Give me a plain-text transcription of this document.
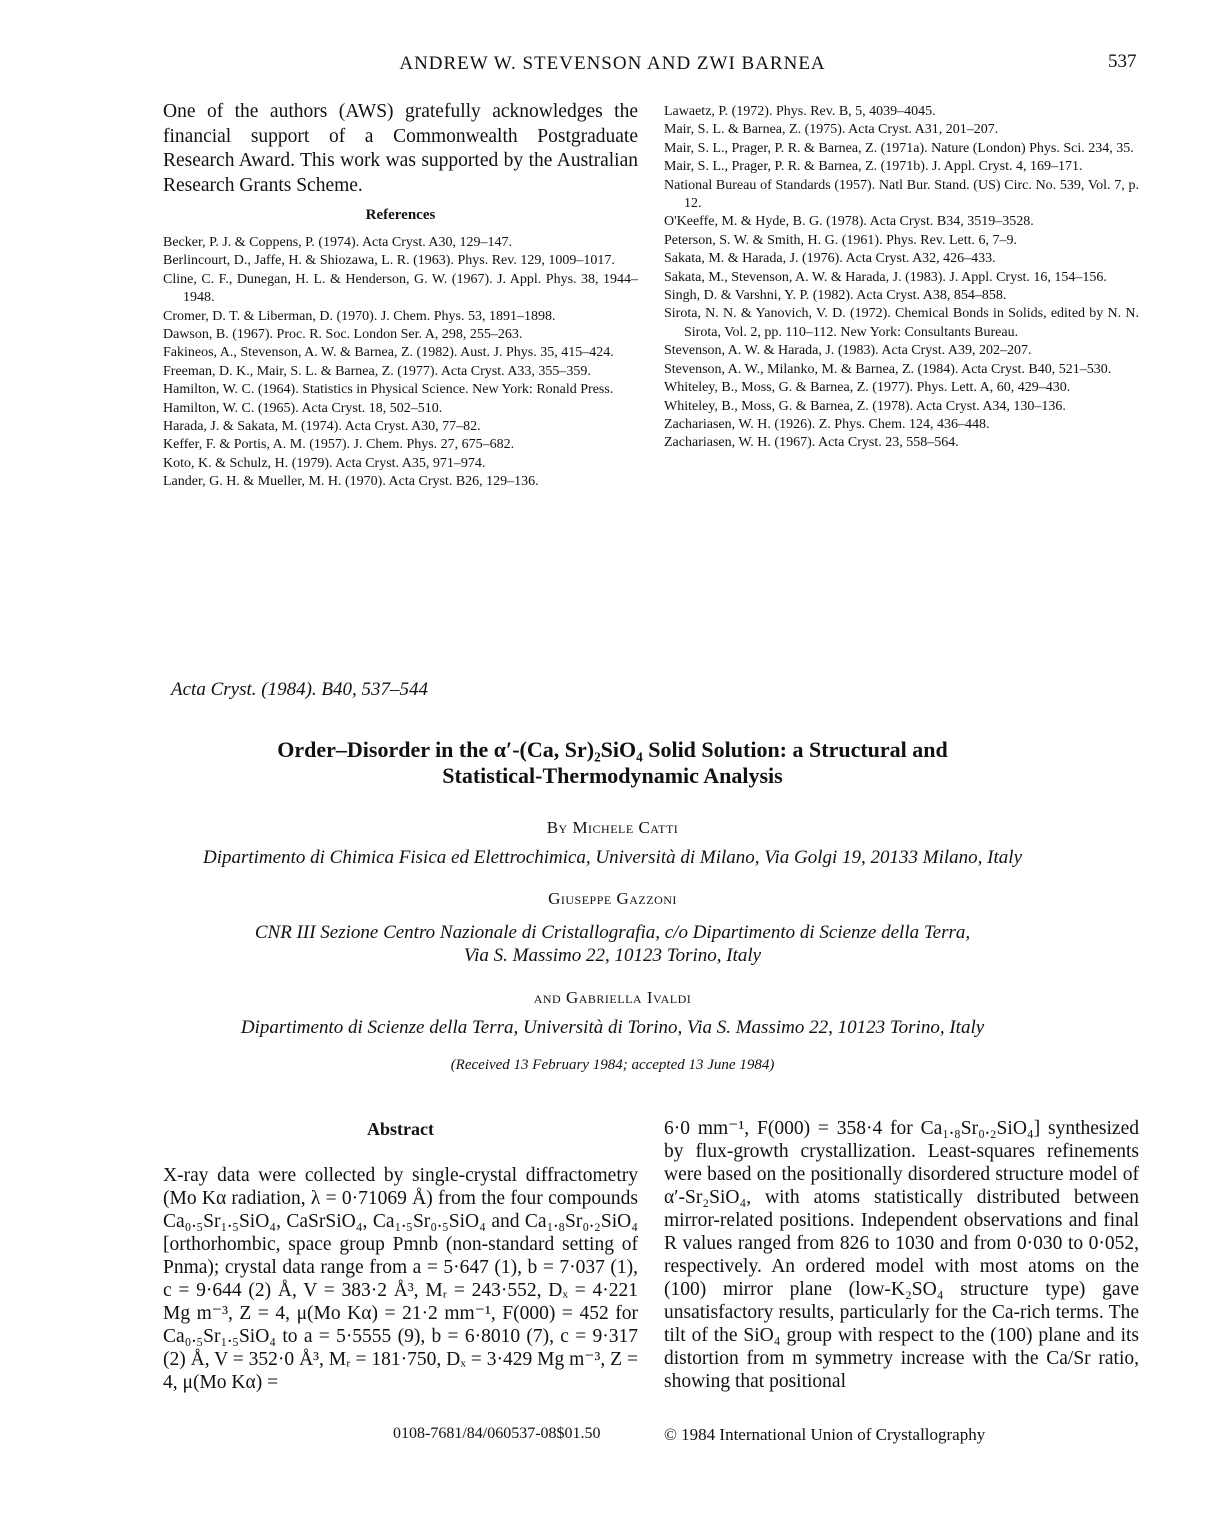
ANDREW W. STEVENSON AND ZWI BARNEA	537
One of the authors (AWS) gratefully acknowledges the financial support of a Commonwealth Postgraduate Research Award. This work was supported by the Australian Research Grants Scheme.
References
Becker, P. J. & Coppens, P. (1974). Acta Cryst. A30, 129–147.
Berlincourt, D., Jaffe, H. & Shiozawa, L. R. (1963). Phys. Rev. 129, 1009–1017.
Cline, C. F., Dunegan, H. L. & Henderson, G. W. (1967). J. Appl. Phys. 38, 1944–1948.
Cromer, D. T. & Liberman, D. (1970). J. Chem. Phys. 53, 1891–1898.
Dawson, B. (1967). Proc. R. Soc. London Ser. A, 298, 255–263.
Fakineos, A., Stevenson, A. W. & Barnea, Z. (1982). Aust. J. Phys. 35, 415–424.
Freeman, D. K., Mair, S. L. & Barnea, Z. (1977). Acta Cryst. A33, 355–359.
Hamilton, W. C. (1964). Statistics in Physical Science. New York: Ronald Press.
Hamilton, W. C. (1965). Acta Cryst. 18, 502–510.
Harada, J. & Sakata, M. (1974). Acta Cryst. A30, 77–82.
Keffer, F. & Portis, A. M. (1957). J. Chem. Phys. 27, 675–682.
Koto, K. & Schulz, H. (1979). Acta Cryst. A35, 971–974.
Lander, G. H. & Mueller, M. H. (1970). Acta Cryst. B26, 129–136.
Lawaetz, P. (1972). Phys. Rev. B, 5, 4039–4045.
Mair, S. L. & Barnea, Z. (1975). Acta Cryst. A31, 201–207.
Mair, S. L., Prager, P. R. & Barnea, Z. (1971a). Nature (London) Phys. Sci. 234, 35.
Mair, S. L., Prager, P. R. & Barnea, Z. (1971b). J. Appl. Cryst. 4, 169–171.
National Bureau of Standards (1957). Natl Bur. Stand. (US) Circ. No. 539, Vol. 7, p. 12.
O'Keeffe, M. & Hyde, B. G. (1978). Acta Cryst. B34, 3519–3528.
Peterson, S. W. & Smith, H. G. (1961). Phys. Rev. Lett. 6, 7–9.
Sakata, M. & Harada, J. (1976). Acta Cryst. A32, 426–433.
Sakata, M., Stevenson, A. W. & Harada, J. (1983). J. Appl. Cryst. 16, 154–156.
Singh, D. & Varshni, Y. P. (1982). Acta Cryst. A38, 854–858.
Sirota, N. N. & Yanovich, V. D. (1972). Chemical Bonds in Solids, edited by N. N. Sirota, Vol. 2, pp. 110–112. New York: Consultants Bureau.
Stevenson, A. W. & Harada, J. (1983). Acta Cryst. A39, 202–207.
Stevenson, A. W., Milanko, M. & Barnea, Z. (1984). Acta Cryst. B40, 521–530.
Whiteley, B., Moss, G. & Barnea, Z. (1977). Phys. Lett. A, 60, 429–430.
Whiteley, B., Moss, G. & Barnea, Z. (1978). Acta Cryst. A34, 130–136.
Zachariasen, W. H. (1926). Z. Phys. Chem. 124, 436–448.
Zachariasen, W. H. (1967). Acta Cryst. 23, 558–564.
Acta Cryst. (1984). B40, 537–544
Order–Disorder in the α′-(Ca, Sr)₂SiO₄ Solid Solution: a Structural and
Statistical-Thermodynamic Analysis
By Michele Catti
Dipartimento di Chimica Fisica ed Elettrochimica, Università di Milano, Via Golgi 19, 20133 Milano, Italy
Giuseppe Gazzoni
CNR III Sezione Centro Nazionale di Cristallografia, c/o Dipartimento di Scienze della Terra,
Via S. Massimo 22, 10123 Torino, Italy
and Gabriella Ivaldi
Dipartimento di Scienze della Terra, Università di Torino, Via S. Massimo 22, 10123 Torino, Italy
(Received 13 February 1984; accepted 13 June 1984)
Abstract
X-ray data were collected by single-crystal diffractometry (Mo Kα radiation, λ = 0·71069 Å) from the four compounds Ca₀.₅Sr₁.₅SiO₄, CaSrSiO₄, Ca₁.₅Sr₀.₅SiO₄ and Ca₁.₈Sr₀.₂SiO₄ [orthorhombic, space group Pmnb (non-standard setting of Pnma); crystal data range from a = 5·647 (1), b = 7·037 (1), c = 9·644 (2) Å, V = 383·2 Å³, Mᵣ = 243·552, Dₓ = 4·221 Mg m⁻³, Z = 4, μ(Mo Kα) = 21·2 mm⁻¹, F(000) = 452 for Ca₀.₅Sr₁.₅SiO₄ to a = 5·5555 (9), b = 6·8010 (7), c = 9·317 (2) Å, V = 352·0 Å³, Mᵣ = 181·750, Dₓ = 3·429 Mg m⁻³, Z = 4, μ(Mo Kα) =
6·0 mm⁻¹, F(000) = 358·4 for Ca₁.₈Sr₀.₂SiO₄] synthesized by flux-growth crystallization. Least-squares refinements were based on the positionally disordered structure model of α′-Sr₂SiO₄, with atoms statistically distributed between mirror-related positions. Independent observations and final R values ranged from 826 to 1030 and from 0·030 to 0·052, respectively. An ordered model with most atoms on the (100) mirror plane (low-K₂SO₄ structure type) gave unsatisfactory results, particularly for the Ca-rich terms. The tilt of the SiO₄ group with respect to the (100) plane and its distortion from m symmetry increase with the Ca/Sr ratio, showing that positional
0108-7681/84/060537-08$01.50	© 1984 International Union of Crystallography
